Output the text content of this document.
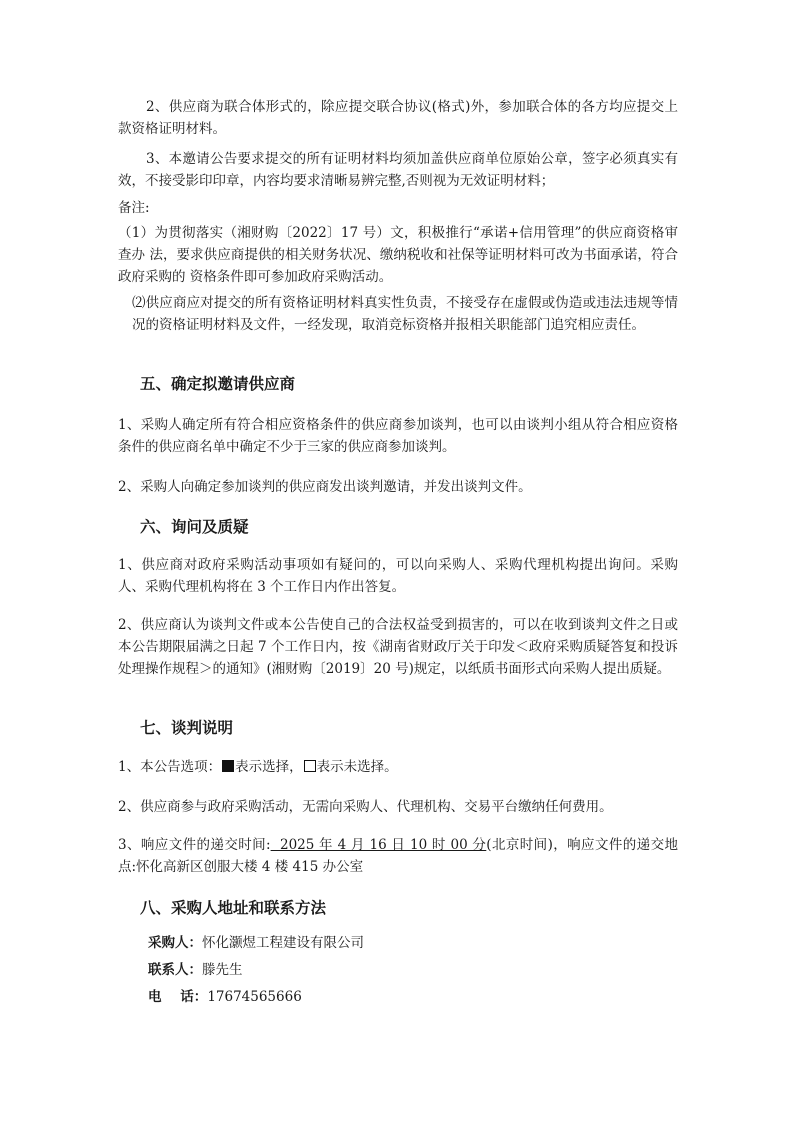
2、供应商为联合体形式的，除应提交联合协议(格式)外，参加联合体的各方均应提交上款资格证明材料。

3、本邀请公告要求提交的所有证明材料均须加盖供应商单位原始公章，签字必须真实有效，不接受影印印章，内容均要求清晰易辨完整,否则视为无效证明材料；

备注:

（1）为贯彻落实（湘财购〔2022〕17 号）文，积极推行“承诺+信用管理”的供应商资格审查办 法，要求供应商提供的相关财务状况、缴纳税收和社保等证明材料可改为书面承诺，符合政府采购的 资格条件即可参加政府采购活动。

⑵供应商应对提交的所有资格证明材料真实性负责，不接受存在虚假或伪造或违法违规等情况的资格证明材料及文件，一经发现，取消竞标资格并报相关职能部门追究相应责任。

五、确定拟邀请供应商

1、采购人确定所有符合相应资格条件的供应商参加谈判，也可以由谈判小组从符合相应资格条件的供应商名单中确定不少于三家的供应商参加谈判。

2、采购人向确定参加谈判的供应商发出谈判邀请，并发出谈判文件。

六、询问及质疑

1、供应商对政府采购活动事项如有疑问的，可以向采购人、采购代理机构提出询问。采购人、采购代理机构将在 3 个工作日内作出答复。

2、供应商认为谈判文件或本公告使自己的合法权益受到损害的，可以在收到谈判文件之日或本公告期限届满之日起 7 个工作日内，按《湖南省财政厅关于印发＜政府采购质疑答复和投诉处理操作规程＞的通知》(湘财购〔2019〕20 号)规定，以纸质书面形式向采购人提出质疑。

七、谈判说明

1、本公告选项： 表示选择， 表示未选择。

2、供应商参与政府采购活动，无需向采购人、代理机构、交易平台缴纳任何费用。

3、响应文件的递交时间:  2025 年 4 月 16 日 10 时 00 分(北京时间)，响应文件的递交地点:怀化高新区创服大楼 4 楼 415 办公室

八、采购人地址和联系方法

采购人：怀化灏煜工程建设有限公司

联系人：滕先生

电    话：17674565666
